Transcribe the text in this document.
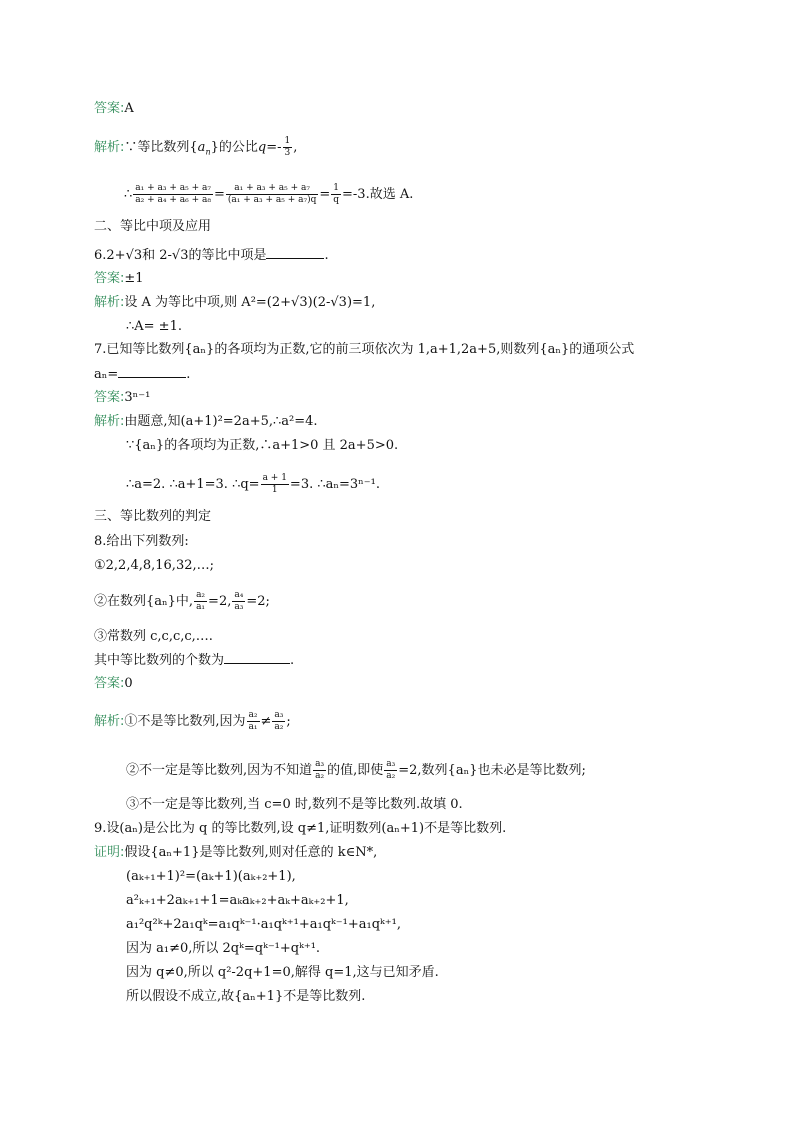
答案:A
解析:∵等比数列$\{a_n\}$的公比$q=- \frac{1}{3}$ ,
∴ $\frac{\text{a₁ + a₃ + a₅ + a₇}}{\text{a₂ + a₄ + a₆ + a₈}} = \frac{\text{a₁ + a₃ + a₅ + a₇}}{\text{(a₁ + a₃ + a₅ + a₇)q}} = \frac{1}{q} =-3$.故选 A.
二、等比中项及应用
6.2+√3和 2-√3的等比中项是	.
答案:±1
解析:设 A 为等比中项,则 A²=(2+√3)(2-√3)=1,
∴A= ±1.
7.已知等比数列{aₙ}的各项均为正数,它的前三项依次为 1,a+1,2a+5,则数列{aₙ}的通项公式
aₙ=	.
答案:3ⁿ⁻¹
解析:由题意,知(a+1)²=2a+5,∴a²=4.
∵{aₙ}的各项均为正数,∴a+1>0 且 2a+5>0.
∴a=2. ∴a+1=3. ∴q= $\frac{a + 1}{1} =3$. ∴aₙ=3ⁿ⁻¹.
三、等比数列的判定
8.给出下列数列:
①2,2,4,8,16,32,…;
②在数列{aₙ}中, $\frac{\text{a₂}}{\text{a₁}} =2$, $\frac{\text{a₄}}{\text{a₃}} =2$;
③常数列 c,c,c,c,….
其中等比数列的个数为	.
答案:0
解析:①不是等比数列,因为 $\frac{\text{a₂}}{\text{a₁}} \ne \frac{\text{a₃}}{\text{a₂}}$ ;
②不一定是等比数列,因为不知道 $\frac{\text{a₃}}{\text{a₂}}$ 的值,即使 $\frac{\text{a₃}}{\text{a₂}} =2$,数列{aₙ}也未必是等比数列;
③不一定是等比数列,当 c=0 时,数列不是等比数列.故填 0.
9.设(aₙ)是公比为 q 的等比数列,设 q≠1,证明数列(aₙ+1)不是等比数列.
证明:假设{aₙ+1}是等比数列,则对任意的 k∈N*,
(aₖ₊₁+1)²=(aₖ+1)(aₖ₊₂+1),
a²ₖ₊₁+2aₖ₊₁+1=aₖaₖ₊₂+aₖ+aₖ₊₂+1,
a₁²q²ᵏ+2a₁qᵏ=a₁qᵏ⁻¹·a₁qᵏ⁺¹+a₁qᵏ⁻¹+a₁qᵏ⁺¹,
因为 a₁≠0,所以 2qᵏ=qᵏ⁻¹+qᵏ⁺¹.
因为 q≠0,所以 q²-2q+1=0,解得 q=1,这与已知矛盾.
所以假设不成立,故{aₙ+1}不是等比数列.
